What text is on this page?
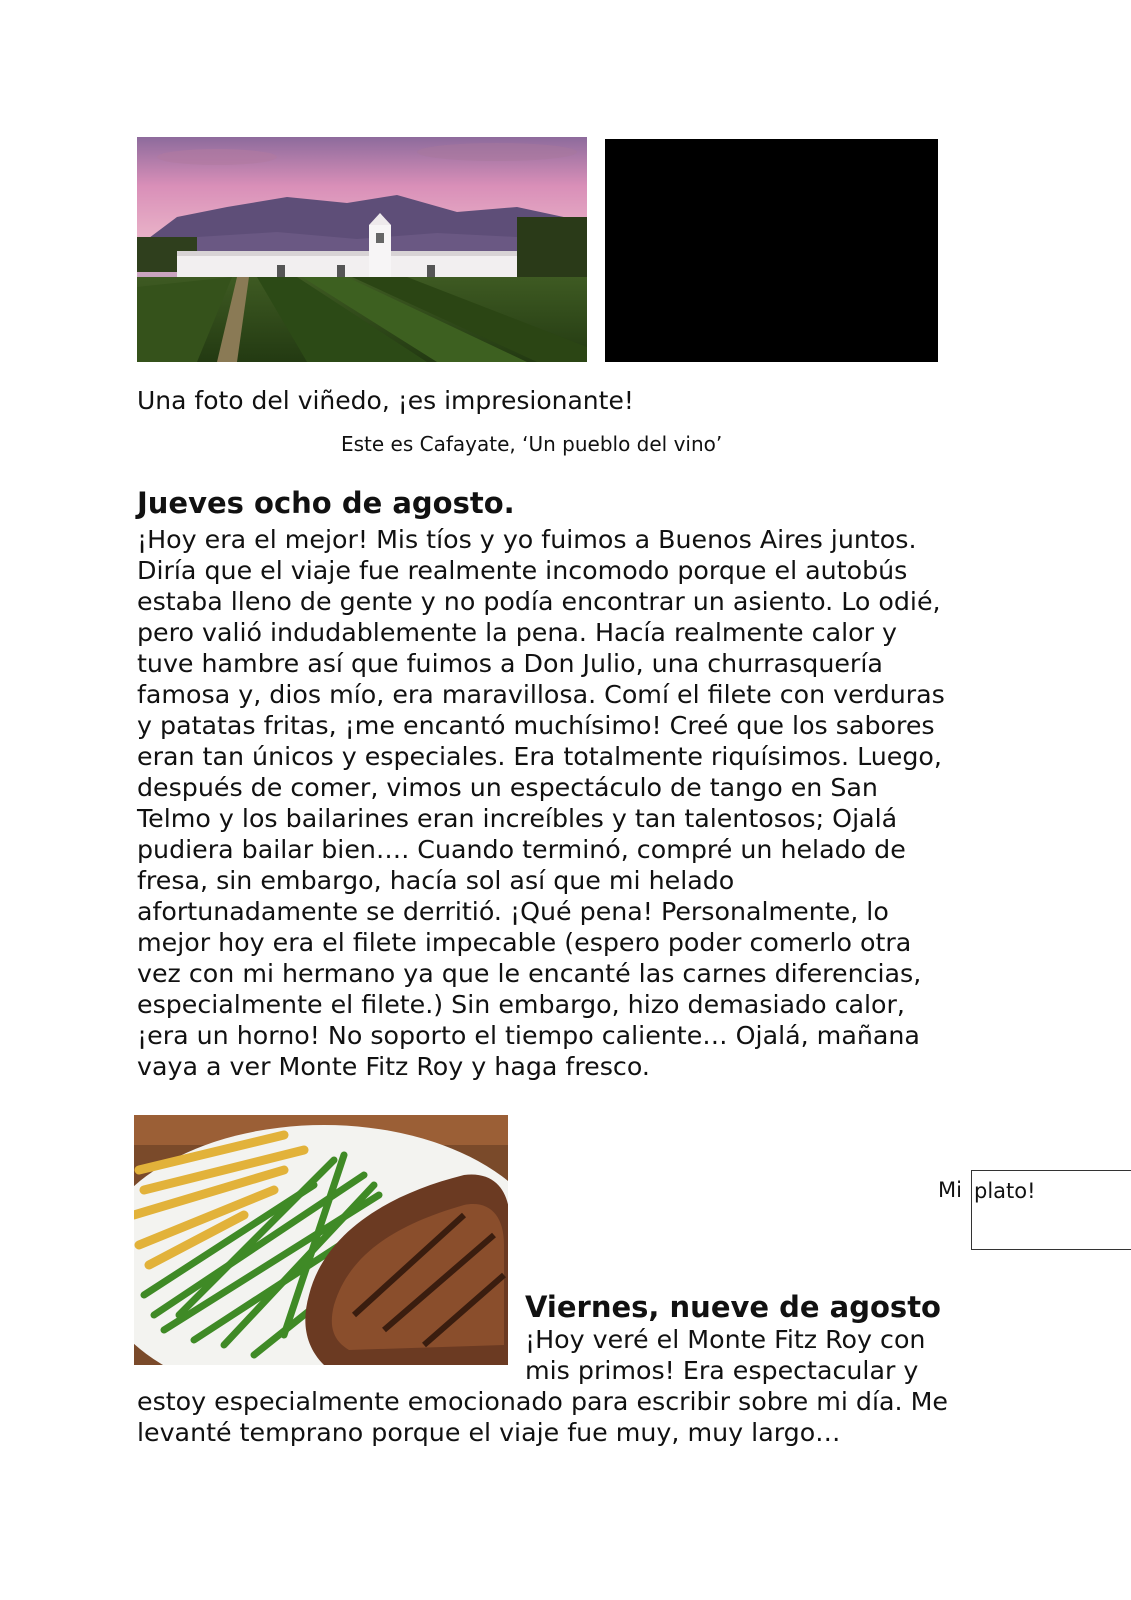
Una foto del viñedo, ¡es impresionante!
Este es Cafayate, ‘Un pueblo del vino’
Jueves ocho de agosto.
¡Hoy era el mejor! Mis tíos y yo fuimos a Buenos Aires juntos.
Diría que el viaje fue realmente incomodo porque el autobús
estaba lleno de gente y no podía encontrar un asiento. Lo odié,
pero valió indudablemente la pena. Hacía realmente calor y
tuve hambre así que fuimos a Don Julio, una churrasquería
famosa y, dios mío, era maravillosa. Comí el filete con verduras
y patatas fritas, ¡me encantó muchísimo! Creé que los sabores
eran tan únicos y especiales. Era totalmente riquísimos. Luego,
después de comer, vimos un espectáculo de tango en San
Telmo y los bailarines eran increíbles y tan talentosos; Ojalá
pudiera bailar bien…. Cuando terminó, compré un helado de
fresa, sin embargo, hacía sol así que mi helado
afortunadamente se derritió. ¡Qué pena! Personalmente, lo
mejor hoy era el filete impecable (espero poder comerlo otra
vez con mi hermano ya que le encanté las carnes diferencias,
especialmente el filete.) Sin embargo, hizo demasiado calor,
¡era un horno! No soporto el tiempo caliente… Ojalá, mañana
vaya a ver Monte Fitz Roy y haga fresco.
Mi plato!
Viernes, nueve de agosto
¡Hoy veré el Monte Fitz Roy con
mis primos! Era espectacular y
estoy especialmente emocionado para escribir sobre mi día. Me
levanté temprano porque el viaje fue muy, muy largo…
